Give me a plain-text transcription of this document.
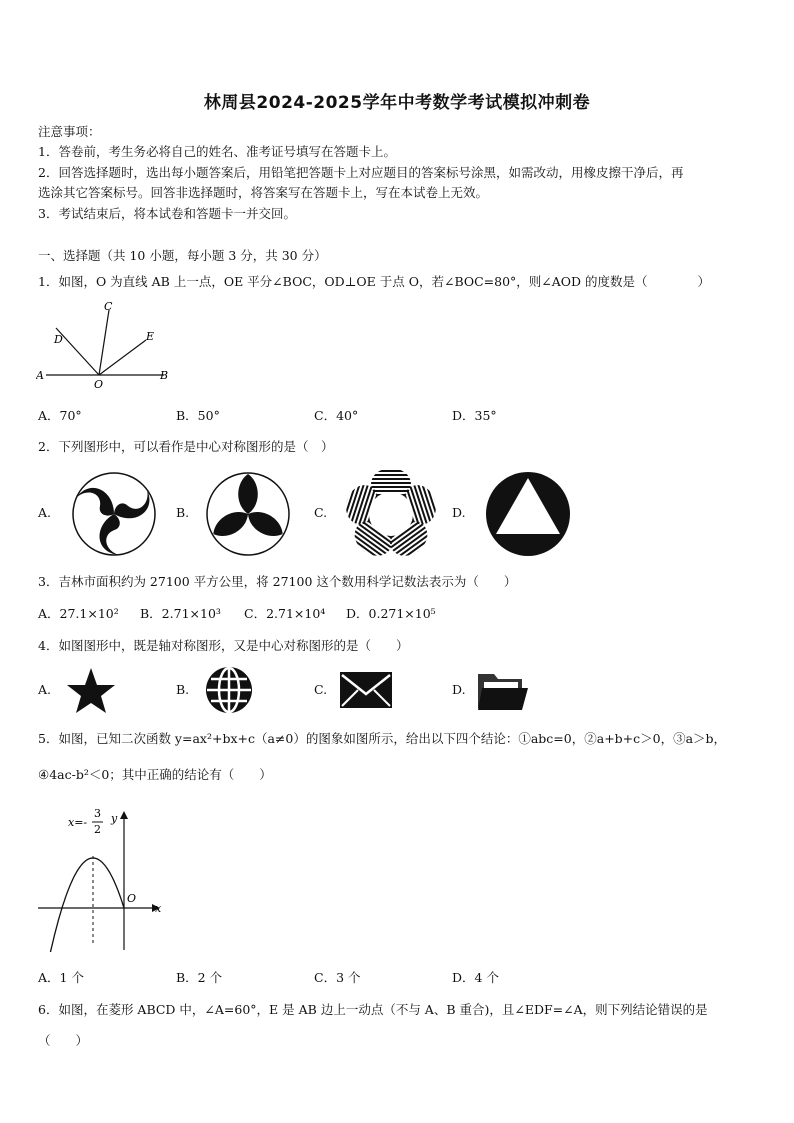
林周县2024-2025学年中考数学考试模拟冲刺卷
注意事项：
1．答卷前，考生务必将自己的姓名、准考证号填写在答题卡上。
2．回答选择题时，选出每小题答案后，用铅笔把答题卡上对应题目的答案标号涂黑，如需改动，用橡皮擦干净后，再
选涂其它答案标号。回答非选择题时，将答案写在答题卡上，写在本试卷上无效。
3．考试结束后，将本试卷和答题卡一并交回。
一、选择题（共 10 小题，每小题 3 分，共 30 分）
1．如图，O 为直线 AB 上一点，OE 平分∠BOC，OD⊥OE 于点 O，若∠BOC=80°，则∠AOD 的度数是（　　　　）
A	B
C
D	E
O
A．70°	B．50°	C．40°	D．35°
2．下列图形中，可以看作是中心对称图形的是（　）
A.	B.	C.	D.
3．吉林市面积约为 27100 平方公里，将 27100 这个数用科学记数法表示为（　　）
A．27.1×10² B．2.71×10³ C．2.71×10⁴ D．0.271×10⁵
4．如图图形中，既是轴对称图形，又是中心对称图形的是（　　）
A.	B.	C.	D.
5．如图，已知二次函数 y=ax²+bx+c（a≠0）的图象如图所示，给出以下四个结论：①abc=0，②a+b+c＞0，③a＞b，
④4ac-b²＜0；其中正确的结论有（　　）
x=-
3
2
y
x
O
A．1 个	B．2 个	C．3 个	D．4 个
6．如图，在菱形 ABCD 中，∠A=60°，E 是 AB 边上一动点（不与 A、B 重合)，且∠EDF=∠A，则下列结论错误的是
（　　）
